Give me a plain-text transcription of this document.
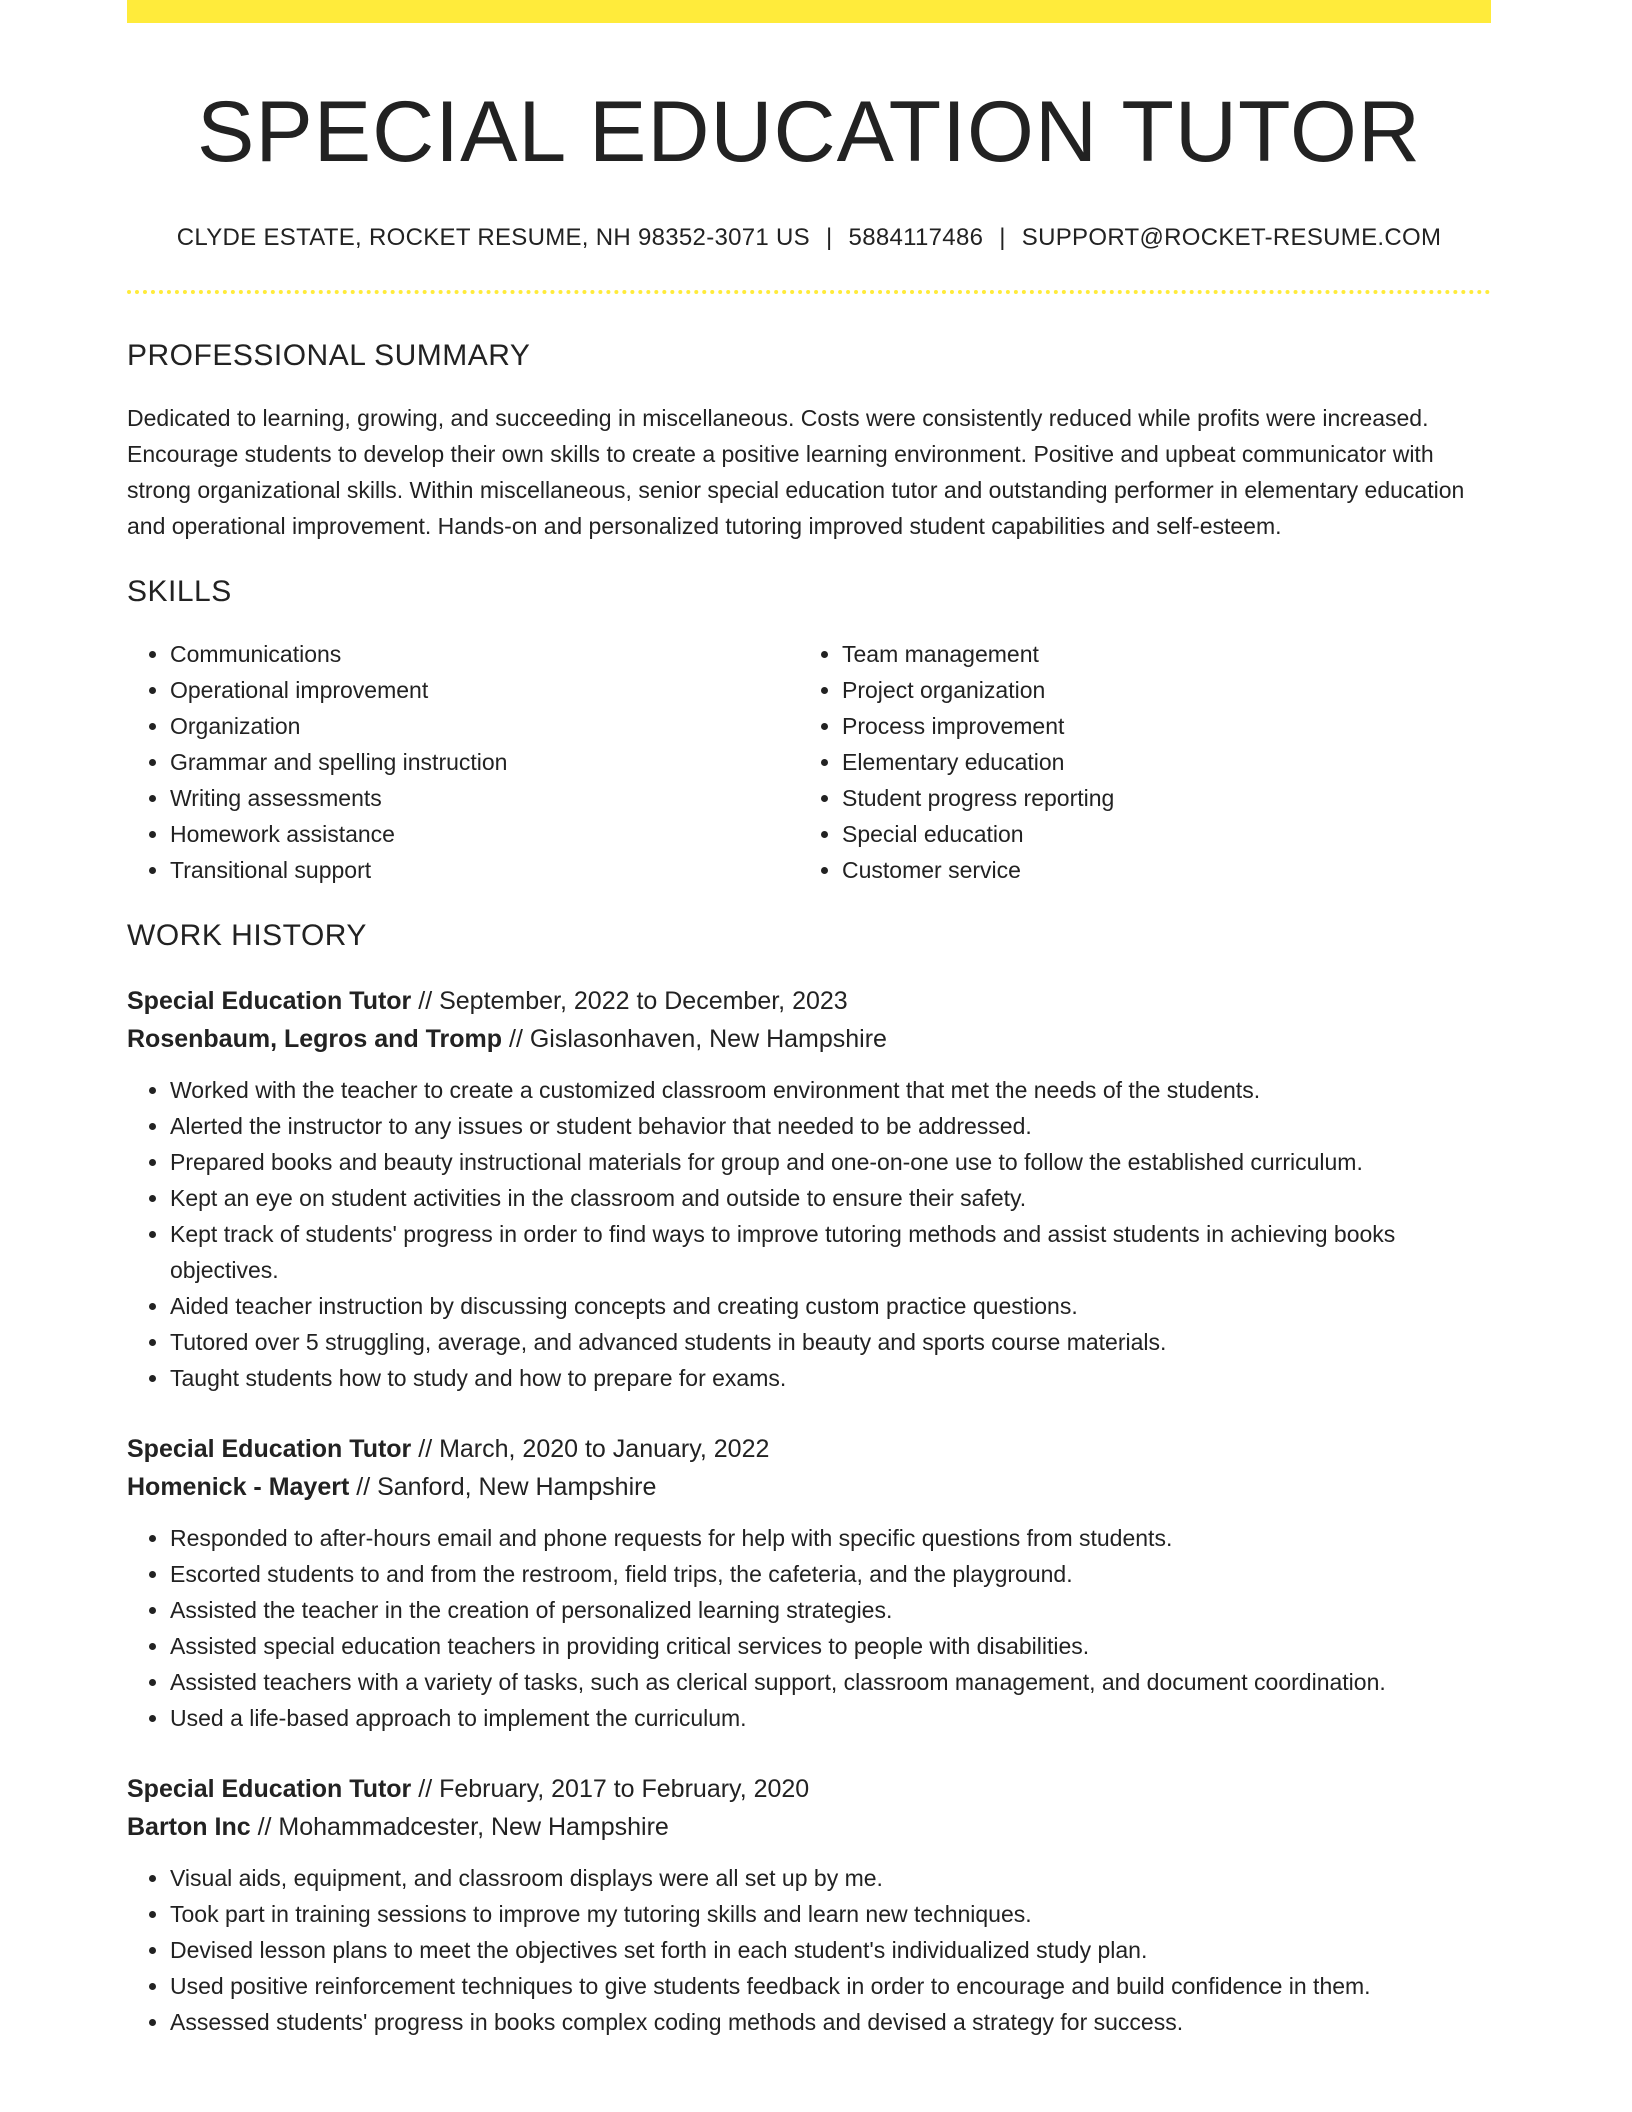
SPECIAL EDUCATION TUTOR
CLYDE ESTATE, ROCKET RESUME, NH 98352-3071 US | 5884117486 | SUPPORT@ROCKET-RESUME.COM
PROFESSIONAL SUMMARY

Dedicated to learning, growing, and succeeding in miscellaneous. Costs were consistently reduced while profits were increased. Encourage students to develop their own skills to create a positive learning environment. Positive and upbeat communicator with strong organizational skills. Within miscellaneous, senior special education tutor and outstanding performer in elementary education and operational improvement. Hands-on and personalized tutoring improved student capabilities and self-esteem.

SKILLS
• Communications
• Operational improvement
• Organization
• Grammar and spelling instruction
• Writing assessments
• Homework assistance
• Transitional support
• Team management
• Project organization
• Process improvement
• Elementary education
• Student progress reporting
• Special education
• Customer service
WORK HISTORY
Special Education Tutor // September, 2022 to December, 2023
Rosenbaum, Legros and Tromp // Gislasonhaven, New Hampshire
• Worked with the teacher to create a customized classroom environment that met the needs of the students.
• Alerted the instructor to any issues or student behavior that needed to be addressed.
• Prepared books and beauty instructional materials for group and one-on-one use to follow the established curriculum.
• Kept an eye on student activities in the classroom and outside to ensure their safety.
• Kept track of students' progress in order to find ways to improve tutoring methods and assist students in achieving books objectives.
• Aided teacher instruction by discussing concepts and creating custom practice questions.
• Tutored over 5 struggling, average, and advanced students in beauty and sports course materials.
• Taught students how to study and how to prepare for exams.
Special Education Tutor // March, 2020 to January, 2022
Homenick - Mayert // Sanford, New Hampshire
• Responded to after-hours email and phone requests for help with specific questions from students.
• Escorted students to and from the restroom, field trips, the cafeteria, and the playground.
• Assisted the teacher in the creation of personalized learning strategies.
• Assisted special education teachers in providing critical services to people with disabilities.
• Assisted teachers with a variety of tasks, such as clerical support, classroom management, and document coordination.
• Used a life-based approach to implement the curriculum.
Special Education Tutor // February, 2017 to February, 2020
Barton Inc // Mohammadcester, New Hampshire
• Visual aids, equipment, and classroom displays were all set up by me.
• Took part in training sessions to improve my tutoring skills and learn new techniques.
• Devised lesson plans to meet the objectives set forth in each student's individualized study plan.
• Used positive reinforcement techniques to give students feedback in order to encourage and build confidence in them.
• Assessed students' progress in books complex coding methods and devised a strategy for success.
